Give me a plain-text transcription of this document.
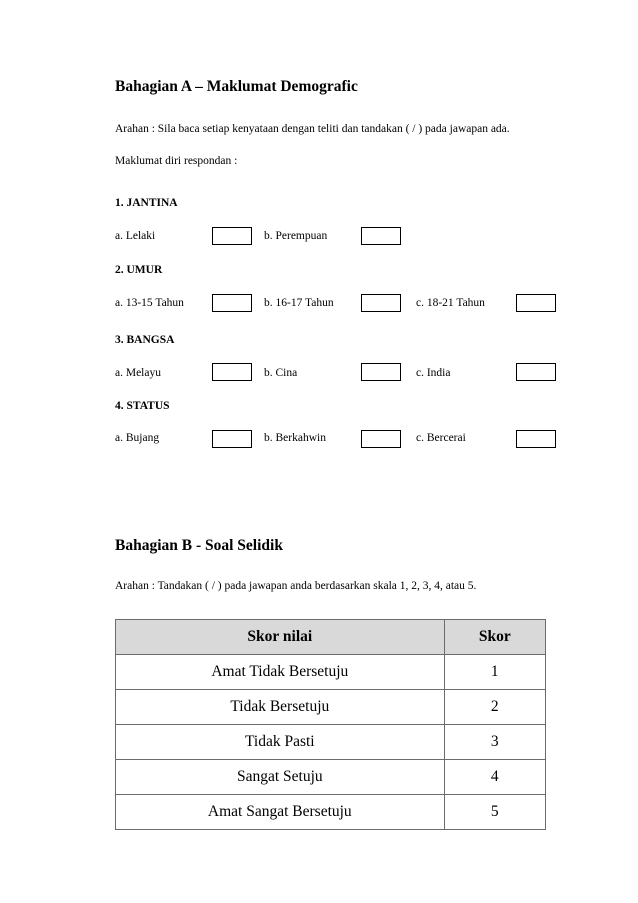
Bahagian A – Maklumat Demografic
Arahan : Sila baca setiap kenyataan dengan teliti dan tandakan ( / ) pada jawapan ada.
Maklumat diri respondan :
1. JANTINA
a. Lelaki	b. Perempuan
2. UMUR
a. 13-15 Tahun	b. 16-17 Tahun	c. 18-21 Tahun
3. BANGSA
a. Melayu	b. Cina	c. India
4. STATUS
a. Bujang	b. Berkahwin	c. Bercerai
Bahagian B - Soal Selidik
Arahan : Tandakan ( / ) pada jawapan anda berdasarkan skala 1, 2, 3, 4, atau 5.
Skor nilai	Skor
Amat Tidak Bersetuju	1
Tidak Bersetuju	2
Tidak Pasti	3
Sangat Setuju	4
Amat Sangat Bersetuju	5
